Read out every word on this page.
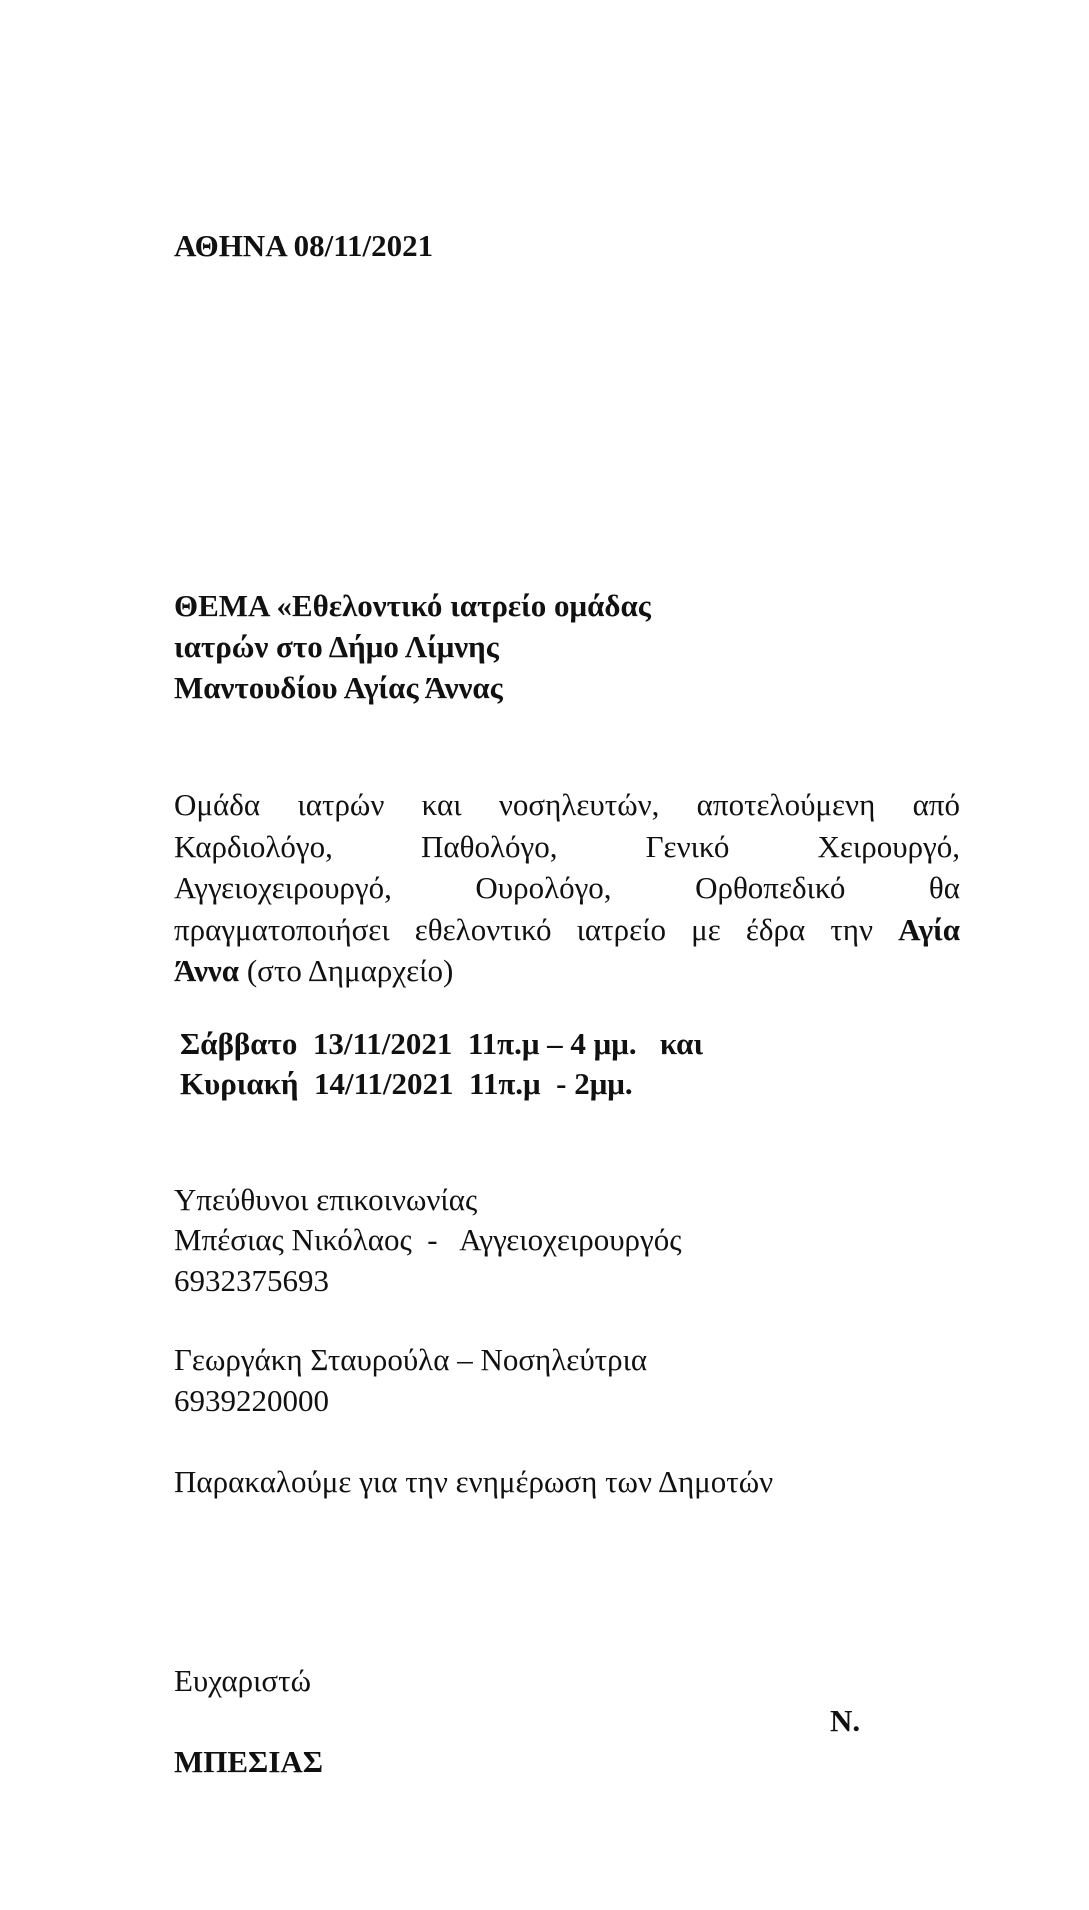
ΑΘΗΝΑ 08/11/2021
ΘΕΜΑ «Εθελοντικό ιατρείο ομάδας
ιατρών στο Δήμο Λίμνης
Μαντουδίου Αγίας Άννας
Ομάδα ιατρών και νοσηλευτών, αποτελούμενη από
Καρδιολόγο, Παθολόγο, Γενικό Χειρουργό,
Αγγειοχειρουργό, Ουρολόγο, Ορθοπεδικό θα
πραγματοποιήσει εθελοντικό ιατρείο με έδρα την Αγία
Άννα (στο Δημαρχείο)
Σάββατο  13/11/2021  11π.μ – 4 μμ.   και
Κυριακή  14/11/2021  11π.μ  - 2μμ.
Υπεύθυνοι επικοινωνίας
Μπέσιας Νικόλαος  -   Αγγειοχειρουργός
6932375693
Γεωργάκη Σταυρούλα – Νοσηλεύτρια
6939220000
Παρακαλούμε για την ενημέρωση των Δημοτών
Ευχαριστώ
Ν.
ΜΠΕΣΙΑΣ
